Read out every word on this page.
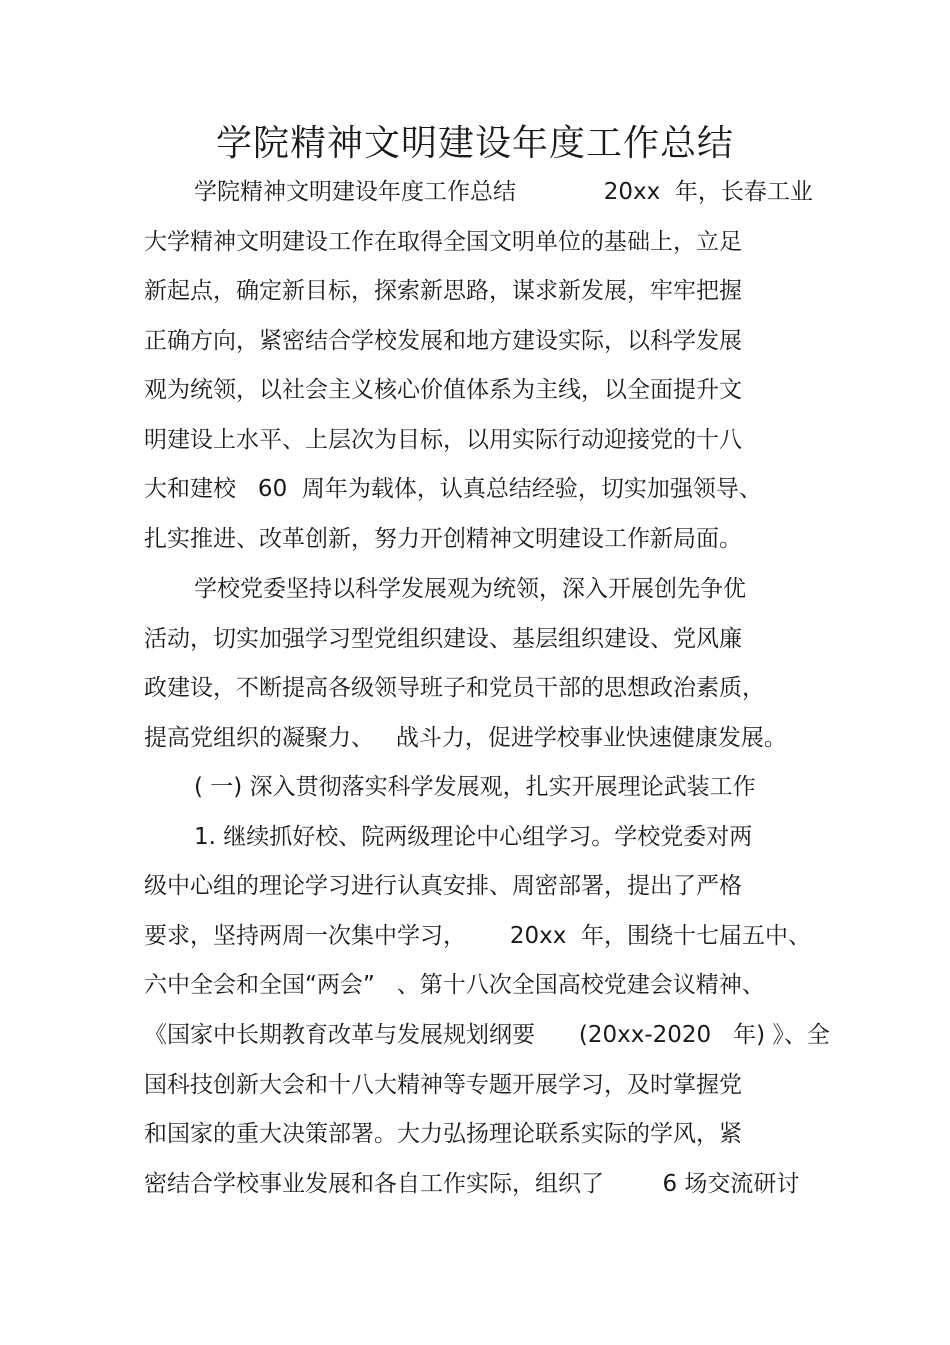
学院精神文明建设年度工作总结
学院精神文明建设年度工作总结            20xx  年，长春工业
大学精神文明建设工作在取得全国文明单位的基础上，立足
新起点，确定新目标，探索新思路，谋求新发展，牢牢把握
正确方向，紧密结合学校发展和地方建设实际，以科学发展
观为统领，以社会主义核心价值体系为主线，以全面提升文
明建设上水平、上层次为目标，以用实际行动迎接党的十八
大和建校   60  周年为载体，认真总结经验，切实加强领导、
扎实推进、改革创新，努力开创精神文明建设工作新局面。
学校党委坚持以科学发展观为统领，深入开展创先争优
活动，切实加强学习型党组织建设、基层组织建设、党风廉
政建设，不断提高各级领导班子和党员干部的思想政治素质，
提高党组织的凝聚力、   战斗力，促进学校事业快速健康发展。
( 一) 深入贯彻落实科学发展观，扎实开展理论武装工作
1. 继续抓好校、院两级理论中心组学习。学校党委对两
级中心组的理论学习进行认真安排、周密部署，提出了严格
要求，坚持两周一次集中学习，      20xx  年，围绕十七届五中、
六中全会和全国“两会”   、第十八次全国高校党建会议精神、
《国家中长期教育改革与发展规划纲要      (20xx-2020   年) 》、全
国科技创新大会和十八大精神等专题开展学习，及时掌握党
和国家的重大决策部署。大力弘扬理论联系实际的学风，紧
密结合学校事业发展和各自工作实际，组织了        6 场交流研讨
